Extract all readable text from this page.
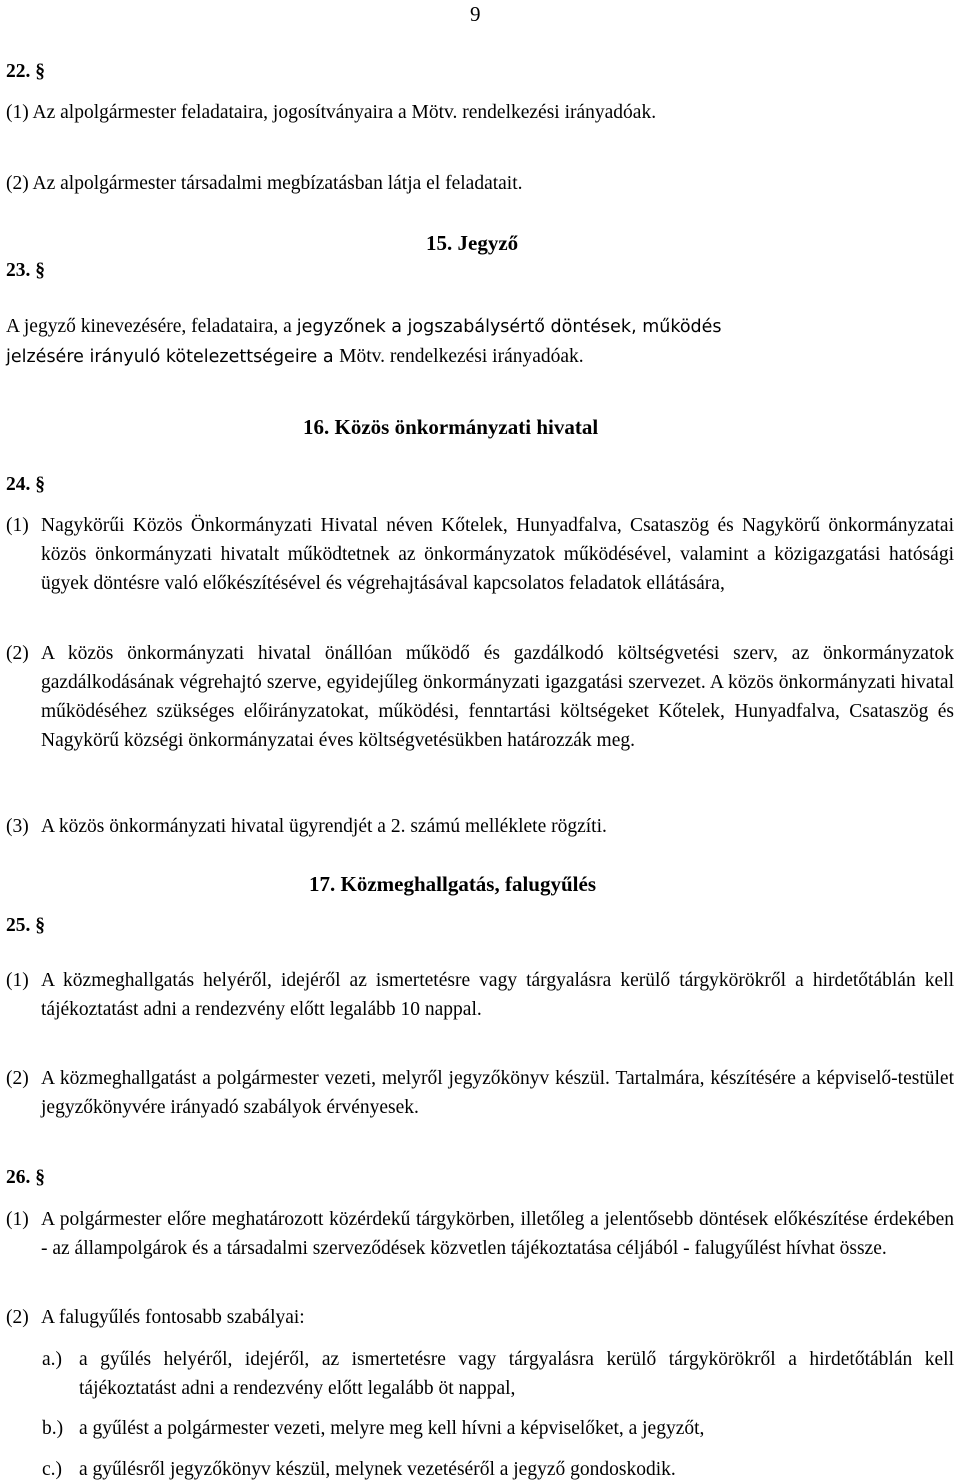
9
22. §
(1) Az alpolgármester feladataira, jogosítványaira a Mötv. rendelkezési irányadóak.
(2) Az alpolgármester társadalmi megbízatásban látja el feladatait.
15. Jegyző
23. §
A jegyző kinevezésére, feladataira, a jegyzőnek a jogszabálysértő döntések, működés
jelzésére irányuló kötelezettségeire a Mötv. rendelkezési irányadóak.
16. Közös önkormányzati hivatal
24. §
(1) Nagykörűi Közös Önkormányzati Hivatal néven Kőtelek, Hunyadfalva, Csataszög és Nagykörű önkormányzatai közös önkormányzati hivatalt működtetnek az önkormányzatok működésével, valamint a közigazgatási hatósági ügyek döntésre való előkészítésével és végrehajtásával kapcsolatos feladatok ellátására,
(2) A közös önkormányzati hivatal önállóan működő és gazdálkodó költségvetési szerv, az önkormányzatok gazdálkodásának végrehajtó szerve, egyidejűleg önkormányzati igazgatási szervezet. A közös önkormányzati hivatal működéséhez szükséges előirányzatokat, működési, fenntartási költségeket Kőtelek, Hunyadfalva, Csataszög és Nagykörű községi önkormányzatai éves költségvetésükben határozzák meg.
(3) A közös önkormányzati hivatal ügyrendjét a 2. számú melléklete rögzíti.
17. Közmeghallgatás, falugyűlés
25. §
(1) A közmeghallgatás helyéről, idejéről az ismertetésre vagy tárgyalásra kerülő tárgykörökről a hirdetőtáblán kell tájékoztatást adni a rendezvény előtt legalább 10 nappal.
(2) A közmeghallgatást a polgármester vezeti, melyről jegyzőkönyv készül. Tartalmára, készítésére a képviselő-testület jegyzőkönyvére irányadó szabályok érvényesek.
26. §
(1) A polgármester előre meghatározott közérdekű tárgykörben, illetőleg a jelentősebb döntések előkészítése érdekében - az állampolgárok és a társadalmi szerveződések közvetlen tájékoztatása céljából - falugyűlést hívhat össze.
(2) A falugyűlés fontosabb szabályai:
a.) a gyűlés helyéről, idejéről, az ismertetésre vagy tárgyalásra kerülő tárgykörökről a hirdetőtáblán kell tájékoztatást adni a rendezvény előtt legalább öt nappal,
b.) a gyűlést a polgármester vezeti, melyre meg kell hívni a képviselőket, a jegyzőt,
c.) a gyűlésről jegyzőkönyv készül, melynek vezetéséről a jegyző gondoskodik.
